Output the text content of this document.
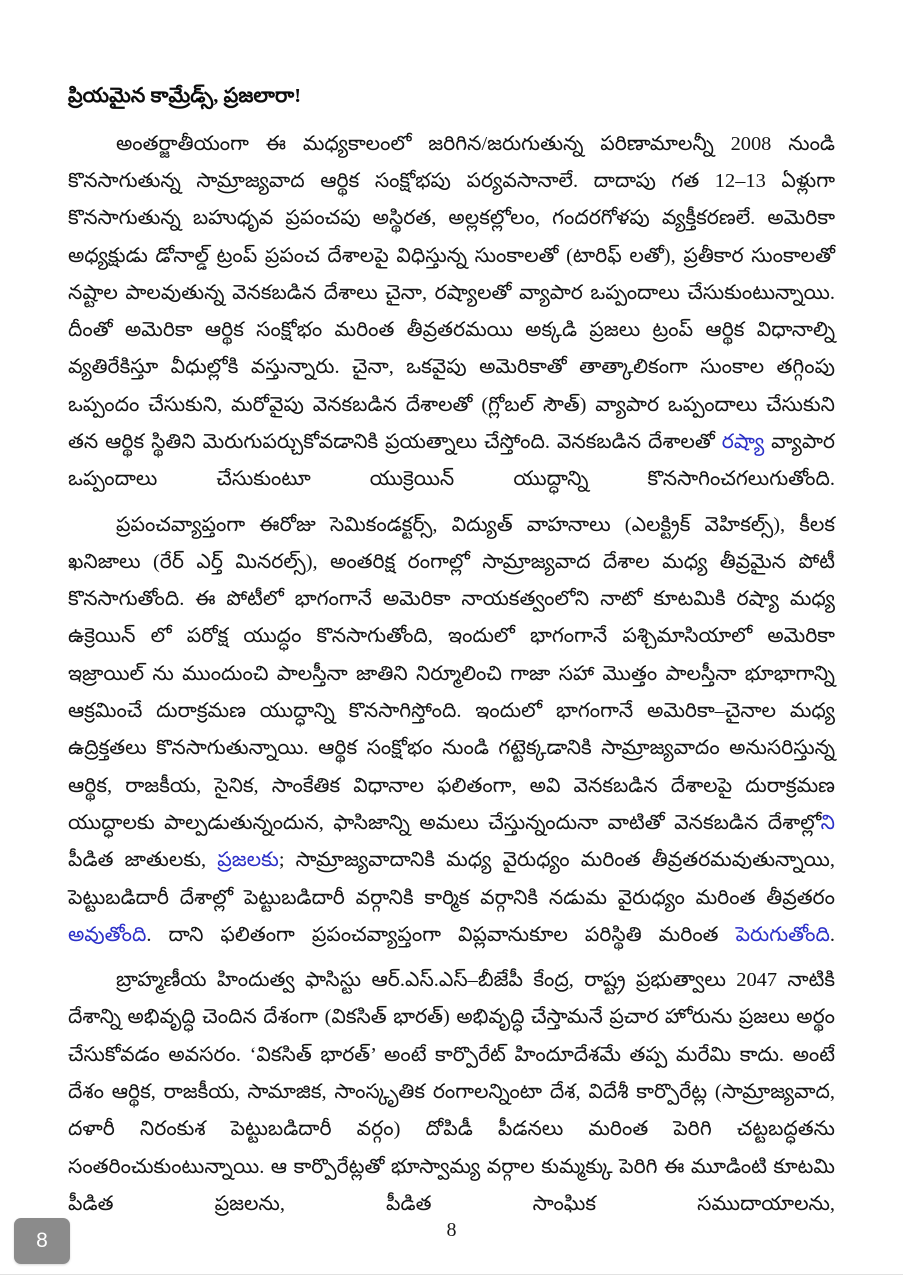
ప్రియమైన కామ్రేడ్స్, ప్రజలారా!

అంతర్జాతీయంగా ఈ మధ్యకాలంలో జరిగిన/జరుగుతున్న పరిణామాలన్నీ 2008 నుండి కొనసాగుతున్న సామ్రాజ్యవాద ఆర్థిక సంక్షోభపు పర్యవసానాలే. దాదాపు గత 12–13 ఏళ్లుగా కొనసాగుతున్న బహుధృవ ప్రపంచపు అస్థిరత, అల్లకల్లోలం, గందరగోళపు వ్యక్తీకరణలే. అమెరికా అధ్యక్షుడు డోనాల్డ్ ట్రంప్ ప్రపంచ దేశాలపై విధిస్తున్న సుంకాలతో (టారిఫ్ లతో), ప్రతీకార సుంకాలతో నష్టాల పాలవుతున్న వెనకబడిన దేశాలు చైనా, రష్యాలతో వ్యాపార ఒప్పందాలు చేసుకుంటున్నాయి. దీంతో అమెరికా ఆర్థిక సంక్షోభం మరింత తీవ్రతరమయి అక్కడి ప్రజలు ట్రంప్ ఆర్థిక విధానాల్ని వ్యతిరేకిస్తూ వీధుల్లోకి వస్తున్నారు. చైనా, ఒకవైపు అమెరికాతో తాత్కాలికంగా సుంకాల తగ్గింపు ఒప్పందం చేసుకుని, మరోవైపు వెనకబడిన దేశాలతో (గ్లోబల్ సౌత్) వ్యాపార ఒప్పందాలు చేసుకుని తన ఆర్థిక స్థితిని మెరుగుపర్చుకోవడానికి ప్రయత్నాలు చేస్తోంది. వెనకబడిన దేశాలతో రష్యా వ్యాపార ఒప్పందాలు చేసుకుంటూ యుక్రెయిన్ యుద్ధాన్ని కొనసాగించగలుగుతోంది.

ప్రపంచవ్యాప్తంగా ఈరోజు సెమికండక్టర్స్, విద్యుత్ వాహనాలు (ఎలక్ట్రిక్ వెహికల్స్), కీలక ఖనిజాలు (రేర్ ఎర్త్ మినరల్స్), అంతరిక్ష రంగాల్లో సామ్రాజ్యవాద దేశాల మధ్య తీవ్రమైన పోటీ కొనసాగుతోంది. ఈ పోటీలో భాగంగానే అమెరికా నాయకత్వంలోని నాటో కూటమికి రష్యా మధ్య ఉక్రెయిన్ లో పరోక్ష యుద్ధం కొనసాగుతోంది, ఇందులో భాగంగానే పశ్చిమాసియాలో అమెరికా ఇజ్రాయిల్ ను ముందుంచి పాలస్తీనా జాతిని నిర్మూలించి గాజా సహా మొత్తం పాలస్తీనా భూభాగాన్ని ఆక్రమించే దురాక్రమణ యుద్ధాన్ని కొనసాగిస్తోంది. ఇందులో భాగంగానే అమెరికా–చైనాల మధ్య ఉద్రిక్తతలు కొనసాగుతున్నాయి. ఆర్థిక సంక్షోభం నుండి గట్టెక్కడానికి సామ్రాజ్యవాదం అనుసరిస్తున్న ఆర్థిక, రాజకీయ, సైనిక, సాంకేతిక విధానాల ఫలితంగా, అవి వెనకబడిన దేశాలపై దురాక్రమణ యుద్ధాలకు పాల్పడుతున్నందున, ఫాసిజాన్ని అమలు చేస్తున్నందునా వాటితో వెనకబడిన దేశాల్లోని పీడిత జాతులకు, ప్రజలకు; సామ్రాజ్యవాదానికి మధ్య వైరుధ్యం మరింత తీవ్రతరమవుతున్నాయి, పెట్టుబడిదారీ దేశాల్లో పెట్టుబడిదారీ వర్గానికి కార్మిక వర్గానికి నడుమ వైరుధ్యం మరింత తీవ్రతరం అవుతోంది. దాని ఫలితంగా ప్రపంచవ్యాప్తంగా విప్లవానుకూల పరిస్థితి మరింత పెరుగుతోంది.

బ్రాహ్మణీయ హిందుత్వ ఫాసిస్టు ఆర్.ఎస్.ఎస్–బీజేపీ కేంద్ర, రాష్ట్ర ప్రభుత్వాలు 2047 నాటికి దేశాన్ని అభివృద్ధి చెందిన దేశంగా (వికసిత్ భారత్) అభివృద్ధి చేస్తామనే ప్రచార హోరును ప్రజలు అర్థం చేసుకోవడం అవసరం. ‘వికసిత్ భారత్’ అంటే కార్పొరేట్ హిందూదేశమే తప్ప మరేమి కాదు. అంటే దేశం ఆర్థిక, రాజకీయ, సామాజిక, సాంస్కృతిక రంగాలన్నింటా దేశ, విదేశీ కార్పొరేట్ల (సామ్రాజ్యవాద, దళారీ నిరంకుశ పెట్టుబడిదారీ వర్గం) దోపిడీ పీడనలు మరింత పెరిగి చట్టబద్ధతను సంతరించుకుంటున్నాయి. ఆ కార్పొరేట్లతో భూస్వామ్య వర్గాల కుమ్మక్కు పెరిగి ఈ మూడింటి కూటమి పీడిత ప్రజలను, పీడిత సాంఘిక సముదాయాలను,

8
8
